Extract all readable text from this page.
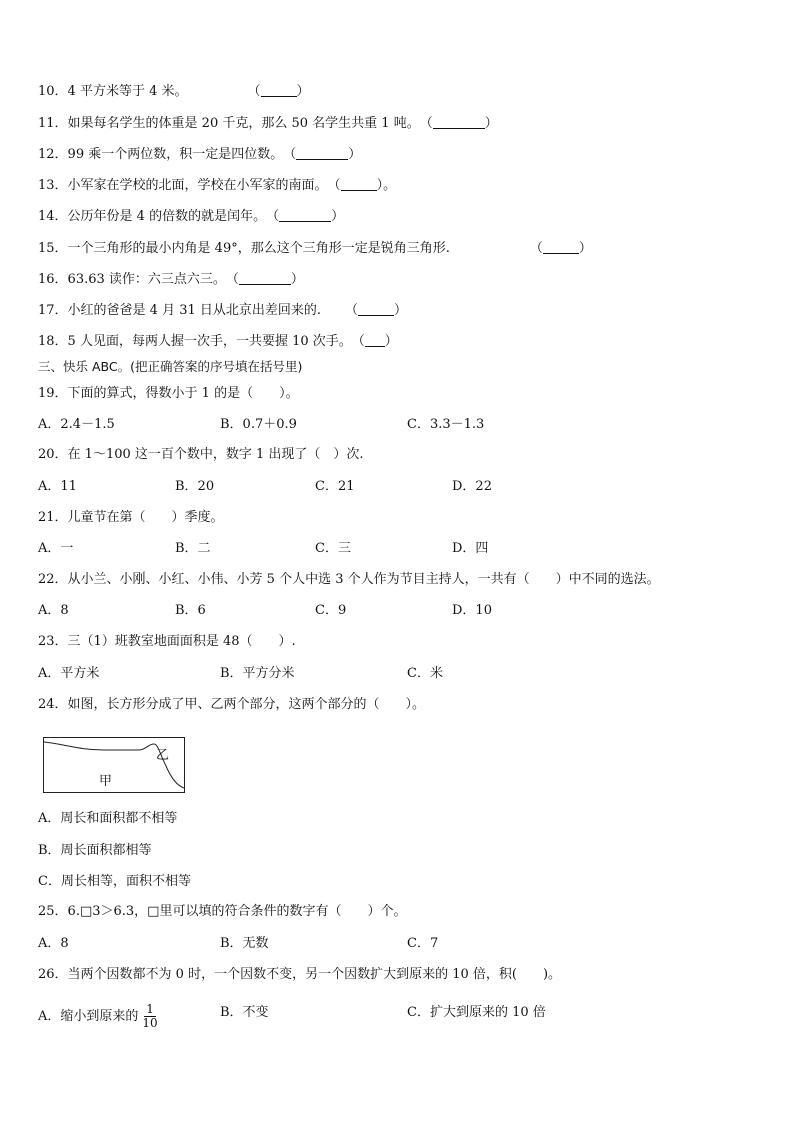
10．4 平方米等于 4 米。	（	）
11．如果每名学生的体重是 20 千克，那么 50 名学生共重 1 吨。（	）
12．99 乘一个两位数，积一定是四位数。（	）
13．小军家在学校的北面，学校在小军家的南面。（	）。
14．公历年份是 4 的倍数的就是闰年。（	）
15．一个三角形的最小内角是 49°，那么这个三角形一定是锐角三角形.	（	）
16．63.63 读作：六三点六三。（	）
17．小红的爸爸是 4 月 31 日从北京出差回来的. （	）
18．5 人见面，每两人握一次手，一共要握 10 次手。（ ）
三、快乐 ABC。(把正确答案的序号填在括号里)
19．下面的算式，得数小于 1 的是（　　）。
A．2.4－1.5	B．0.7＋0.9	C．3.3－1.3
20．在 1～100 这一百个数中，数字 1 出现了（　）次.
A．11	B．20	C．21	D．22
21．儿童节在第（　　）季度。
A．一	B．二	C．三	D．四
22．从小兰、小刚、小红、小伟、小芳 5 个人中选 3 个人作为节目主持人，一共有（　　）中不同的选法。
A．8	B．6	C．9	D．10
23．三（1）班教室地面面积是 48（　　）.
A．平方米	B．平方分米	C．米
24．如图，长方形分成了甲、乙两个部分，这两个部分的（　　）。
乙
甲
A．周长和面积都不相等
B．周长面积都相等
C．周长相等，面积不相等
25．6.□3＞6.3，□里可以填的符合条件的数字有（　　）个。
A．8	B．无数	C．7
26．当两个因数都不为 0 时，一个因数不变，另一个因数扩大到原来的 10 倍，积(　　)。
A．缩小到原来的 $\frac{1}{10}$	B．不变	C．扩大到原来的 10 倍
